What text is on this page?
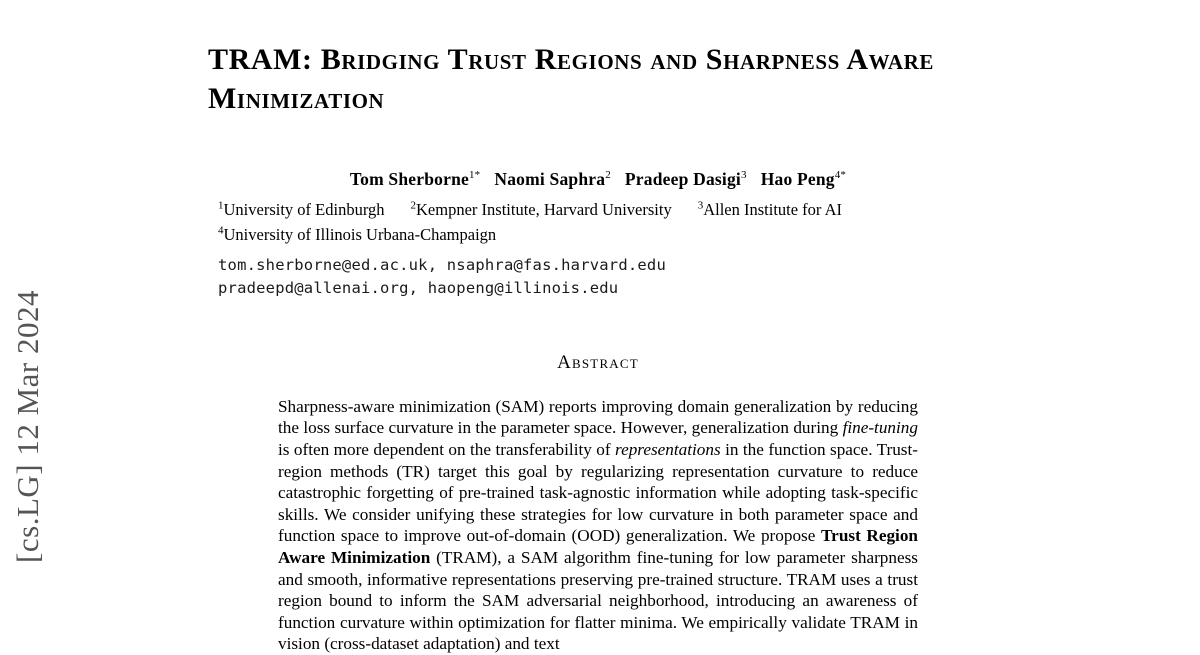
[cs.LG] 12 Mar 2024
TRAM: Bridging Trust Regions and Sharpness Aware Minimization
Tom Sherborne$^{1*}$ Naomi Saphra$^2$ Pradeep Dasigi$^3$ Hao Peng$^{4*}$
$^1$University of Edinburgh $^2$Kempner Institute, Harvard University $^3$Allen Institute for AI
$^4$University of Illinois Urbana-Champaign
tom.sherborne@ed.ac.uk, nsaphra@fas.harvard.edu
pradeepd@allenai.org, haopeng@illinois.edu
Abstract
Sharpness-aware minimization (SAM) reports improving domain generalization by reducing the loss surface curvature in the parameter space. However, generalization during fine-tuning is often more dependent on the transferability of representations in the function space. Trust-region methods (TR) target this goal by regularizing representation curvature to reduce catastrophic forgetting of pre-trained task-agnostic information while adopting task-specific skills. We consider unifying these strategies for low curvature in both parameter space and function space to improve out-of-domain (OOD) generalization. We propose Trust Region Aware Minimization (TRAM), a SAM algorithm fine-tuning for low parameter sharpness and smooth, informative representations preserving pre-trained structure. TRAM uses a trust region bound to inform the SAM adversarial neighborhood, introducing an awareness of function curvature within optimization for flatter minima. We empirically validate TRAM in vision (cross-dataset adaptation) and text
